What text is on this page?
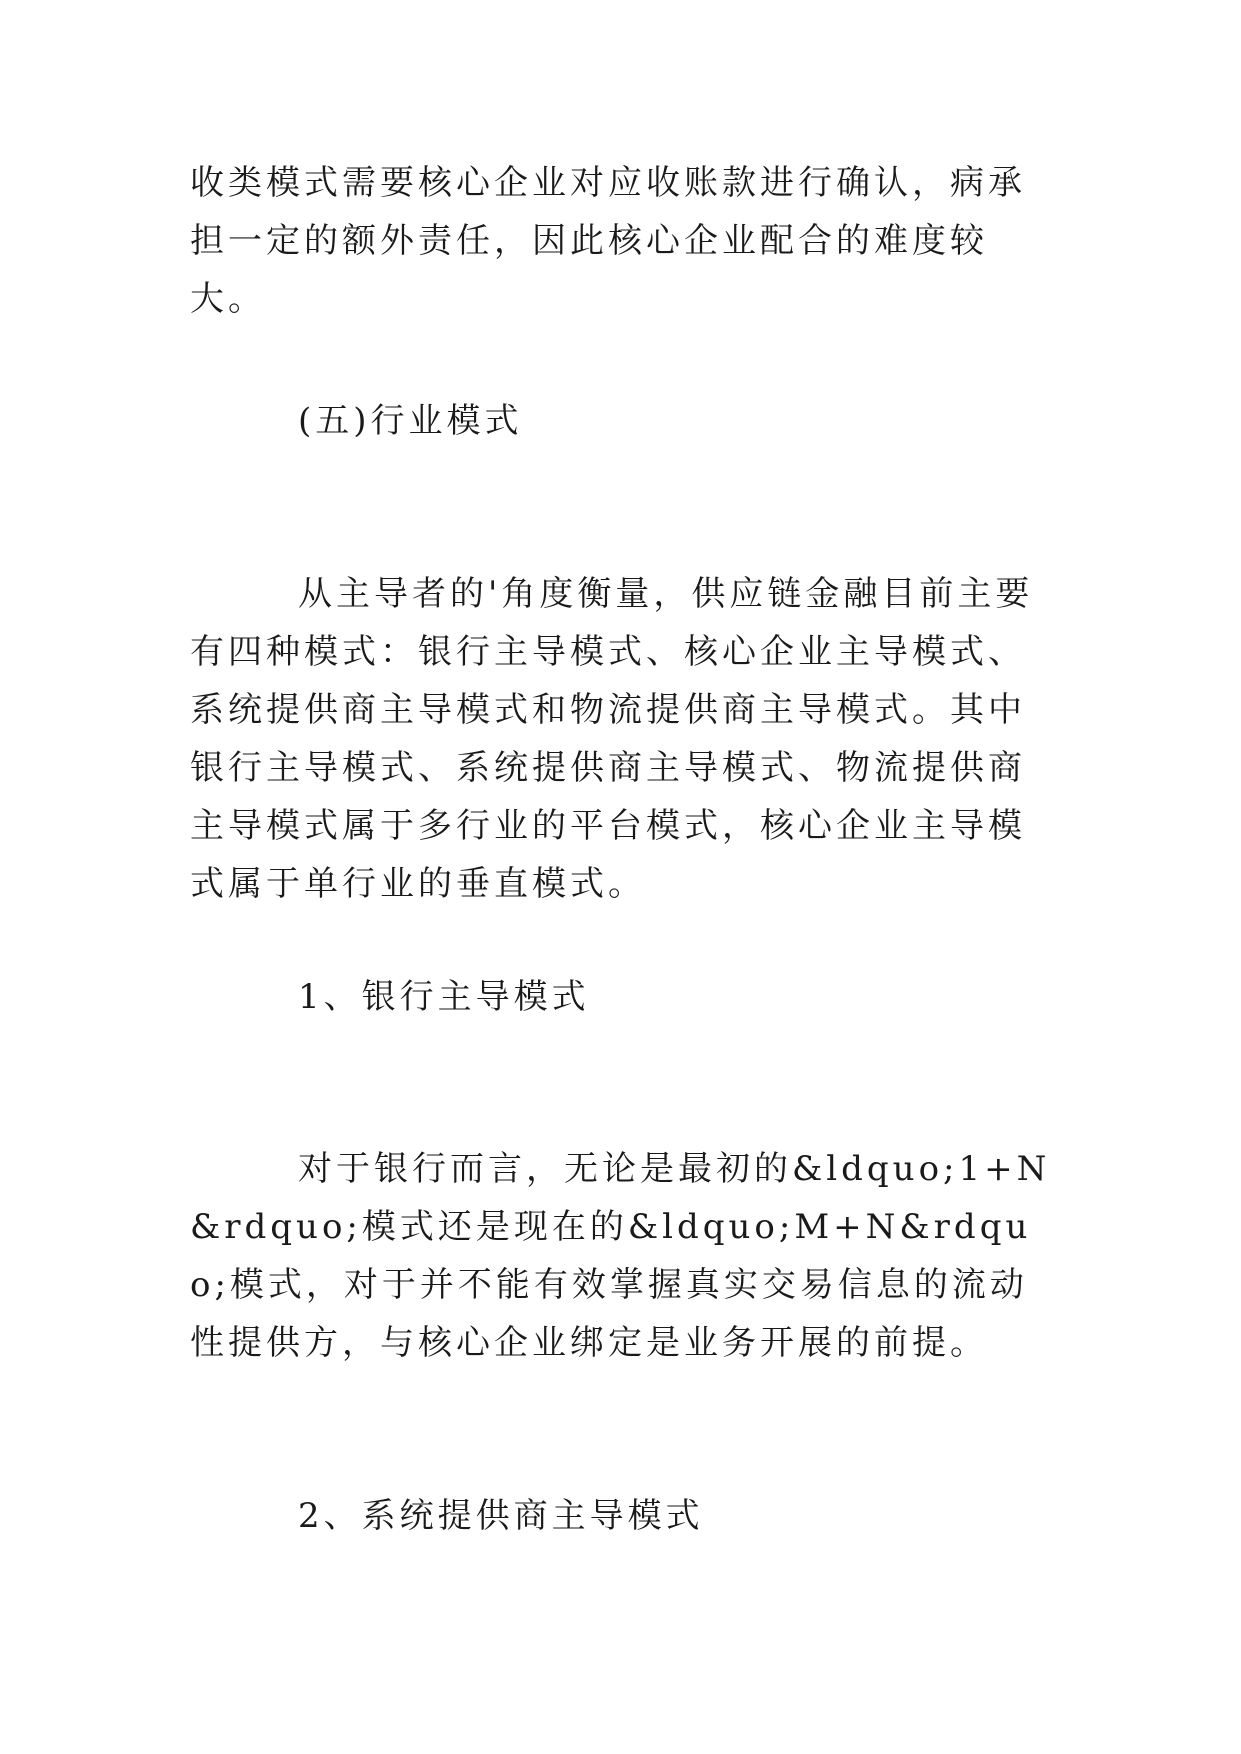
收类模式需要核心企业对应收账款进行确认，病承担一定的额外责任，因此核心企业配合的难度较大。

(五)行业模式

从主导者的'角度衡量，供应链金融目前主要有四种模式：银行主导模式、核心企业主导模式、系统提供商主导模式和物流提供商主导模式。其中银行主导模式、系统提供商主导模式、物流提供商主导模式属于多行业的平台模式，核心企业主导模式属于单行业的垂直模式。

1、银行主导模式

对于银行而言，无论是最初的&ldquo;1+N&rdquo;模式还是现在的&ldquo;M+N&rdquo;模式，对于并不能有效掌握真实交易信息的流动性提供方，与核心企业绑定是业务开展的前提。

2、系统提供商主导模式
